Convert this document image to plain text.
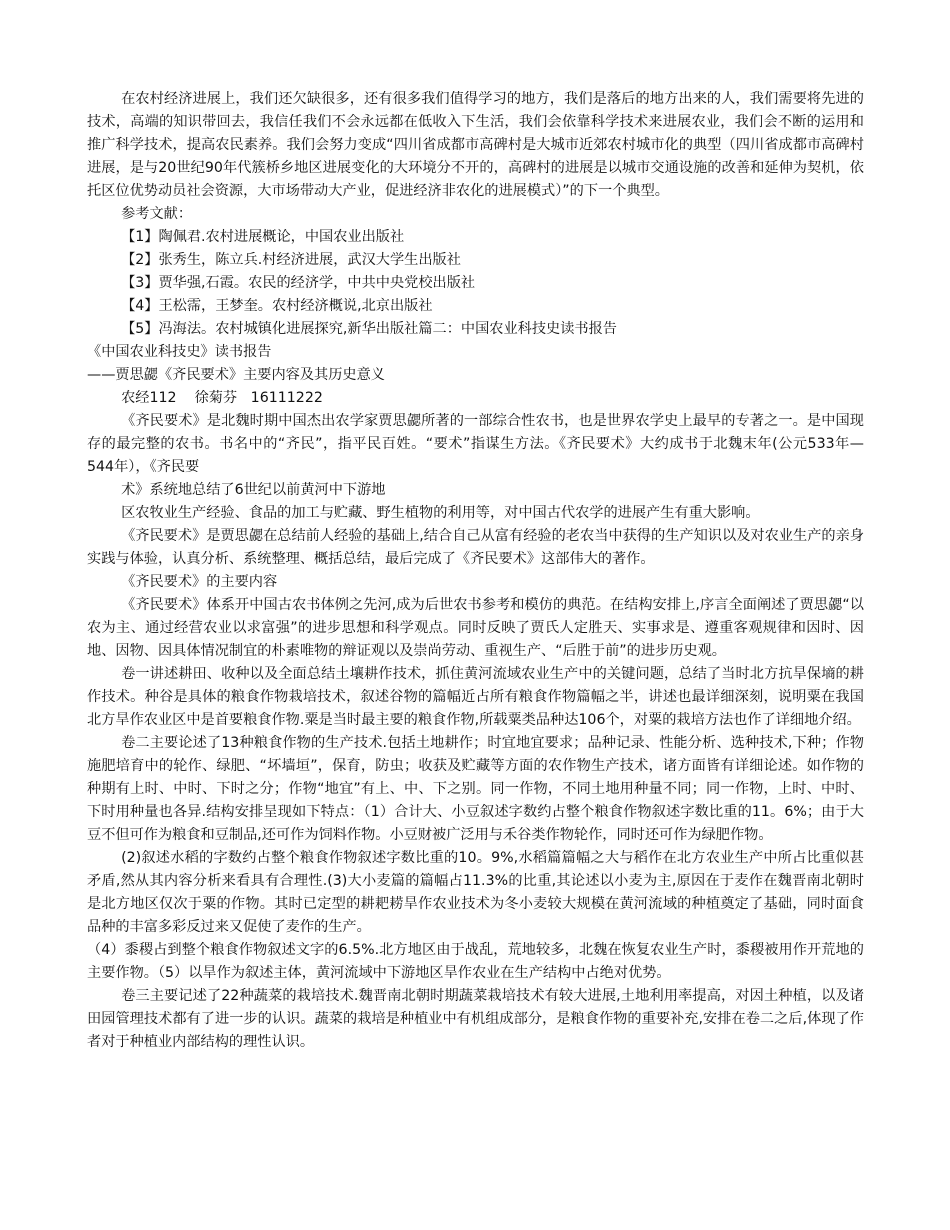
在农村经济进展上，我们还欠缺很多，还有很多我们值得学习的地方，我们是落后的地方出来的人，我们需要将先进的技术，高端的知识带回去，我信任我们不会永远都在低收入下生活，我们会依靠科学技术来进展农业，我们会不断的运用和推广科学技术，提高农民素养。我们会努力变成“四川省成都市高碑村是大城市近郊农村城市化的典型（四川省成都市高碑村进展，是与20世纪90年代簇桥乡地区进展变化的大环境分不开的，高碑村的进展是以城市交通设施的改善和延伸为契机，依托区位优势动员社会资源，大市场带动大产业，促进经济非农化的进展模式）”的下一个典型。

参考文献：

【1】陶佩君.农村进展概论，中国农业出版社

【2】张秀生，陈立兵.村经济进展，武汉大学生出版社

【3】贾华强,石霞。农民的经济学，中共中央党校出版社

【4】王松霈，王梦奎。农村经济概说,北京出版社

【5】冯海法。农村城镇化进展探究,新华出版社篇二：中国农业科技史读书报告

《中国农业科技史》读书报告

——贾思勰《齐民要术》主要内容及其历史意义

农经112    徐菊芬   16111222

《齐民要术》是北魏时期中国杰出农学家贾思勰所著的一部综合性农书，也是世界农学史上最早的专著之一。是中国现存的最完整的农书。书名中的“齐民”，指平民百姓。“要术”指谋生方法。《齐民要术》大约成书于北魏末年(公元533年—544年），《齐民要

术》系统地总结了6世纪以前黄河中下游地

区农牧业生产经验、食品的加工与贮藏、野生植物的利用等，对中国古代农学的进展产生有重大影响。

《齐民要术》是贾思勰在总结前人经验的基础上,结合自己从富有经验的老农当中获得的生产知识以及对农业生产的亲身实践与体验，认真分析、系统整理、概括总结，最后完成了《齐民要术》这部伟大的著作。

《齐民要术》的主要内容

《齐民要术》体系开中国古农书体例之先河,成为后世农书参考和模仿的典范。在结构安排上,序言全面阐述了贾思勰“以农为主、通过经营农业以求富强”的进步思想和科学观点。同时反映了贾氏人定胜天、实事求是、遵重客观规律和因时、因地、因物、因具体情况制宜的朴素唯物的辩证观以及崇尚劳动、重视生产、“后胜于前”的进步历史观。

卷一讲述耕田、收种以及全面总结土壤耕作技术，抓住黄河流域农业生产中的关键问题，总结了当时北方抗旱保墒的耕作技术。种谷是具体的粮食作物栽培技术，叙述谷物的篇幅近占所有粮食作物篇幅之半，讲述也最详细深刻，说明粟在我国北方旱作农业区中是首要粮食作物.粟是当时最主要的粮食作物,所载粟类品种达106个，对粟的栽培方法也作了详细地介绍。

卷二主要论述了13种粮食作物的生产技术.包括土地耕作；时宜地宜要求；品种记录、性能分析、选种技术,下种；作物施肥培育中的轮作、绿肥、“坏墙垣”，保育，防虫；收获及贮藏等方面的农作物生产技术，诸方面皆有详细论述。如作物的种期有上时、中时、下时之分；作物“地宜”有上、中、下之别。同一作物，不同土地用种量不同；同一作物，上时、中时、下时用种量也各异.结构安排呈现如下特点：（1）合计大、小豆叙述字数约占整个粮食作物叙述字数比重的11。6%；由于大豆不但可作为粮食和豆制品,还可作为饲料作物。小豆财被广泛用与禾谷类作物轮作，同时还可作为绿肥作物。

(2)叙述水稻的字数约占整个粮食作物叙述字数比重的10。9%,水稻篇篇幅之大与稻作在北方农业生产中所占比重似甚矛盾,然从其内容分析来看具有合理性.(3)大小麦篇的篇幅占11.3%的比重,其论述以小麦为主,原因在于麦作在魏晋南北朝时是北方地区仅次于粟的作物。其时已定型的耕耙耢旱作农业技术为冬小麦较大规模在黄河流域的种植奠定了基础，同时面食品种的丰富多彩反过来又促使了麦作的生产。

（4）黍稷占到整个粮食作物叙述文字的6.5%.北方地区由于战乱，荒地较多，北魏在恢复农业生产时，黍稷被用作开荒地的主要作物。（5）以旱作为叙述主体，黄河流域中下游地区旱作农业在生产结构中占绝对优势。

卷三主要记述了22种蔬菜的栽培技术.魏晋南北朝时期蔬菜栽培技术有较大进展,土地利用率提高，对因土种植，以及诸田园管理技术都有了进一步的认识。蔬菜的栽培是种植业中有机组成部分，是粮食作物的重要补充,安排在卷二之后,体现了作者对于种植业内部结构的理性认识。
